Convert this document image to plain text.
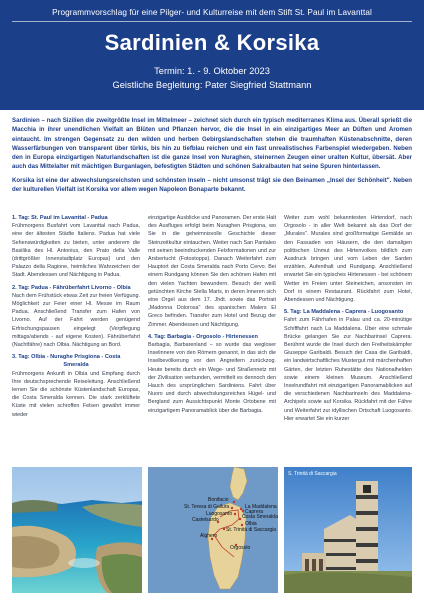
Programmvorschlag für eine Pilger- und Kulturreise mit dem Stift St. Paul im Lavanttal
Sardinien & Korsika
Termin: 1. - 9. Oktober 2023
Geistliche Begleitung: Pater Siegfried Stattmann

Sardinien – nach Sizilien die zweitgrößte Insel im Mittelmeer – zeichnet sich durch ein typisch mediterranes Klima aus. Überall sprießt die Macchia in ihrer unendlichen Vielfalt an Blüten und Pflanzen hervor, die die Insel in ein einzigartiges Meer an Düften und Aromen eintaucht. Im strengen Gegensatz zu den wilden und herben Gebirgslandschaften stehen die traumhaften Küstenabschnitte, deren Wasserfärbungen von transparent über türkis, bis hin zu tiefblau reichen und ein fast unrealistisches Farbenspiel wiedergeben. Neben den in Europa einzigartigen Naturlandschaften ist die ganze Insel von Nuraghen, steinernen Zeugen einer uralten Kultur, übersät. Aber auch das Mittelalter mit mächtigen Burganlagen, befestigten Städten und schönen Sakralbauten hat seine Spuren hinterlassen.

Korsika ist eine der abwechslungsreichsten und schönsten Inseln – nicht umsonst trägt sie den Beinamen „Insel der Schönheit". Neben der kulturellen Vielfalt ist Korsika vor allem wegen Napoleon Bonaparte bekannt.

1. Tag: St. Paul im Lavanttal - Padua

Frühmorgens Busfahrt vom Lavanttal nach Padua, eine der ältesten Städte Italiens. Padua hat viele Sehenswürdigkeiten zu bieten, unter anderem die Basilika des Hl. Antonius, den Prato della Valle (drittgrößter Innenstadtplatz Europas) und den Palazzo della Ragione, heimliches Wahrzeichen der Stadt. Abendessen und Nächtigung in Padua.

2. Tag: Padua - Fährüberfahrt Livorno - Olbia

Nach dem Frühstück etwas Zeit zur freien Verfügung. Möglichkeit zur Feier einer Hl. Messe im Raum Padua. Anschließend Transfer zum Hafen von Livorno. Auf der Fahrt werden genügend Erfrischungspausen eingelegt (Verpflegung mittags/abends - auf eigene Kosten). Fährüberfahrt (Nachtfähre) nach Olbia. Nächtigung an Bord.

3. Tag: Olbia - Nuraghe Prisgiona - Costa
Smeralda

Frühmorgens Ankunft in Olbia und Empfang durch Ihre deutschsprechende Reiseleitung. Anschließend lernen Sie die schönste Küstenlandschaft Europas, die Costa Smeralda kennen. Die stark zerklüftete Küste mit vielen schroffen Felsen gewährt immer wieder

einzigartige Ausblicke und Panoramen. Der erste Halt des Ausfluges erfolgt beim Nuraghen Prisgiona, wo Sie in die geheimnisvolle Geschichte dieser Steinzeitkultur eintauchen. Weiter nach San Pantaleo mit seinen beeindruckenden Felsformationen und zur Arsbertucht (Fotostopps). Danach Weiterfahrt zum Hauptort der Costa Smeralda nach Porto Cervo. Bei einem Rundgang können Sie den schönen Hafen mit den vielen Yachten bewundern. Besuch der weiß getünchten Kirche Stella Maris, in deren Inneren sich eine Orgel aus dem 17. Jhdt. sowie das Portrait „Madonna Dolorosa" des spanischen Malers El Greco befinden. Transfer zum Hotel und Bezug der Zimmer. Abendessen und Nächtigung.

4. Tag: Barbagia - Orgosolo - Hirtenessen

Barbagia, Barbarenland – so wurde das wegloser Inselinnere von den Römern genannt, in das sich die Inselbevölkerung vor den Angreifern zurückzog. Heute bereits durch ein Wege- und Straßennetz mit der Zivilisation verbunden, vermittelt es dennoch den Hauch des ursprünglichen Sardiniens. Fahrt über Nuoro und durch abwechslungsreiches Hügel- und Bergland zum Aussichtspunkt Monte Ortobene mit einzigartigem Panoramablick über die Barbagia.

Weiter zum wohl bekanntesten Hirtendorf, nach Orgosolo - in aller Welt bekannt als das Dorf der „Murales". Murales sind großformatige Gemälde an den Fassaden von Häusern, die den damaligen politischen Unmut des Hirtenvolkes bildlich zum Ausdruck bringen und vom Leben der Sarden erzählen. Aufenthalt und Rundgang. Anschließend erwartet Sie ein typisches Hirtenessen - bei schönem Wetter im Freien unter Steineichen, ansonsten im Dorf in einem Restaurant. Rückfahrt zum Hotel, Abendessen und Nächtigung.

5. Tag: La Maddalena - Caprera - Luogosanto

Fahrt zum Fährhafen in Palau und ca. 20-minütige Schifffahrt nach La Maddalena. Über eine schmale Brücke gelangen Sie zur Nachbarinsel Caprera. Berühmt wurde die Insel durch den Freiheitskämpfer Giuseppe Garibaldi. Besuch der Casa die Garibaldi, ein landwirtschaftliches Mustergut mit märchenhaften Gärten, der letzten Ruhestätte des Nationalhelden sowie einem kleinen Museum. Anschließend Inselrundfahrt mit einzigartigen Panoramablicken auf die verschiedenen Nachbarinseln des Maddalena-Archipels sowie auf Korsika. Rückfahrt mit der Fähre und Weiterfahrt zur idyllischen Ortschaft Luogosanto. Hier erwartet Sie ein kurzer

Bonifacio
St. Teresa di Gallura	La Maddalena
Caprera
Luogosanto Costa Smeralda
Castelsardo
Olbia
St. Trinità di Saccargia
Alghero
Orgosolo
S. Trinità di Saccargia
